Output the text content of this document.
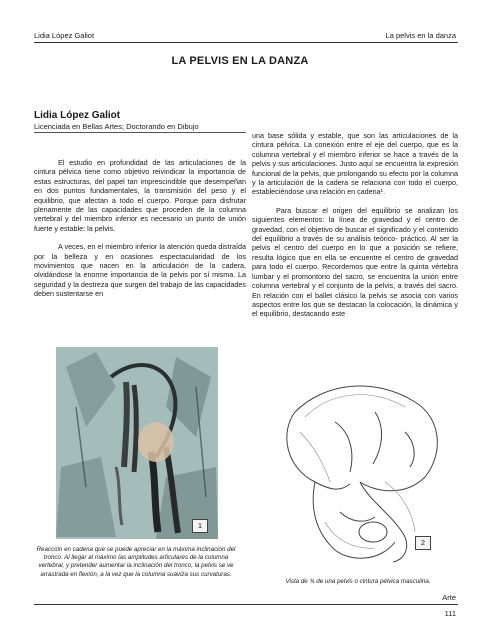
Lidia López Galiot	La pelvis en la danza
LA PELVIS EN LA DANZA
Lidia López Galiot
Licenciada en Bellas Artes; Doctorando en Dibujo

El estudio en profundidad de las articulaciones de la cintura pélvica tiene como objetivo reivindicar la importancia de estas estructuras, del papel tan imprescindible que desempeñan en dos puntos fundamentales, la transmisión del peso y el equilibrio, que afectan a todo el cuerpo. Porque para disfrutar plenamente de las capacidades que proceden de la columna vertebral y del miembro inferior es necesario un punto de unión fuerte y estable: la pelvis.

A veces, en el miembro inferior la atención queda distraída por la belleza y en ocasiones espectacularidad de los movimientos que nacen en la articulación de la cadera, olvidándose la enorme importancia de la pelvis por sí misma. La seguridad y la destreza que surgen del trabajo de las capacidades deben sustentarse en

una base sólida y estable, que son las articulaciones de la cintura pélvica. La conexión entre el eje del cuerpo, que es la columna vertebral y el miembro inferior se hace a través de la pelvis y sus articulaciones. Justo aquí se encuentra la expresión funcional de la pelvis, que prolongando su efecto por la columna y la articulación de la cadera se relaciona con todo el cuerpo, estableciéndose una relación en cadena¹.

Para buscar el origen del equilibrio se analizan los siguientes elementos: la línea de gravedad y el centro de gravedad, con el objetivo de buscar el significado y el contenido del equilibrio a través de su análisis teórico- práctico. Al ser la pelvis el centro del cuerpo en lo que a posición se refiere, resulta lógico que en ella se encuentre el centro de gravedad para todo el cuerpo. Recordemos que entre la quinta vértebra lumbar y el promontorio del sacro, se encuentra la unión entre columna vertebral y el conjunto de la pelvis, a través del sacro. En relación con el ballet clásico la pelvis se asocia con varios aspectos entre los que se destacan la colocación, la dinámica y el equilibrio, destacando este

1
Reacción en cadena que se puede apreciar en la máxima inclinación del tronco. Al llegar al máximo las amplitudes articulares de la columna vertebral, y pretender aumentar la inclinación del tronco, la pelvis se ve arrastrada en flexión, a la vez que la columna suaviza sus curvaturas.
2
Vista de ¾ de una pelvis o cintura pélvica masculina.
Arte
111
